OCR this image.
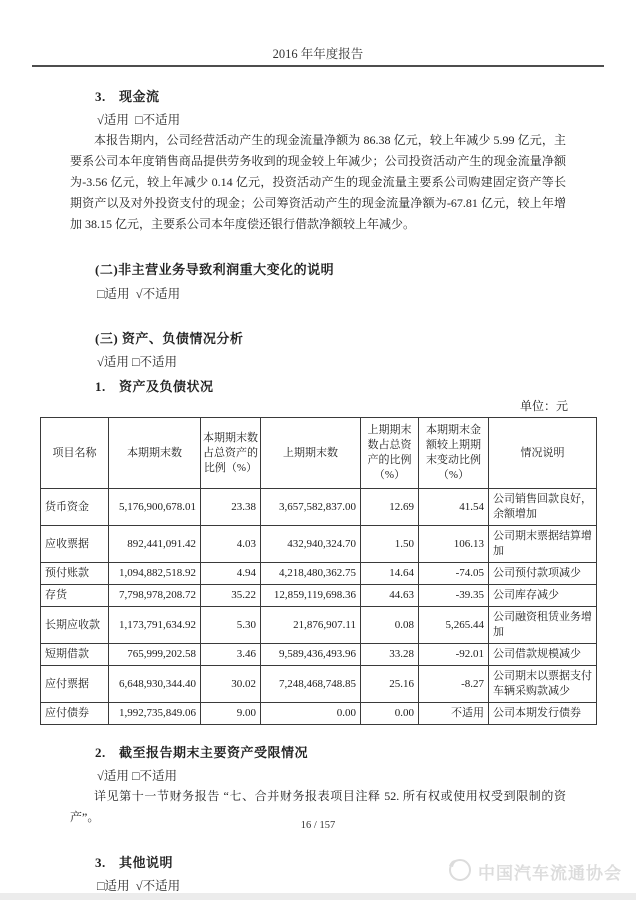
2016 年年度报告
3. 现金流
√适用  □不适用
本报告期内，公司经营活动产生的现金流量净额为 86.38 亿元，较上年减少 5.99 亿元，主要系公司本年度销售商品提供劳务收到的现金较上年减少；公司投资活动产生的现金流量净额为-3.56 亿元，较上年减少 0.14 亿元，投资活动产生的现金流量主要系公司购建固定资产等长期资产以及对外投资支付的现金；公司筹资活动产生的现金流量净额为-67.81 亿元，较上年增加 38.15 亿元，主要系公司本年度偿还银行借款净额较上年减少。
(二)非主营业务导致利润重大变化的说明
□适用  √不适用
(三) 资产、负债情况分析
√适用 □不适用
1. 资产及负债状况
单位：元
项目名称	本期期末数	本期期末数占总资产的比例（%）	上期期末数	上期期末数占总资产的比例（%）	本期期末金额较上期期末变动比例（%）	情况说明
货币资金	5,176,900,678.01	23.38	3,657,582,837.00	12.69	41.54	公司销售回款良好，余额增加
应收票据	892,441,091.42	4.03	432,940,324.70	1.50	106.13	公司期末票据结算增加
预付账款	1,094,882,518.92	4.94	4,218,480,362.75	14.64	-74.05	公司预付款项减少
存货	7,798,978,208.72	35.22	12,859,119,698.36	44.63	-39.35	公司库存减少
长期应收款	1,173,791,634.92	5.30	21,876,907.11	0.08	5,265.44	公司融资租赁业务增加
短期借款	765,999,202.58	3.46	9,589,436,493.96	33.28	-92.01	公司借款规模减少
应付票据	6,648,930,344.40	30.02	7,248,468,748.85	25.16	-8.27	公司期末以票据支付车辆采购款减少
应付债券	1,992,735,849.06	9.00	0.00	0.00	不适用	公司本期发行债券
2. 截至报告期末主要资产受限情况
√适用 □不适用
详见第十一节财务报告 “七、合并财务报表项目注释 52. 所有权或使用权受到限制的资产”。
3. 其他说明
□适用  √不适用
16 / 157
中国汽车流通协会
